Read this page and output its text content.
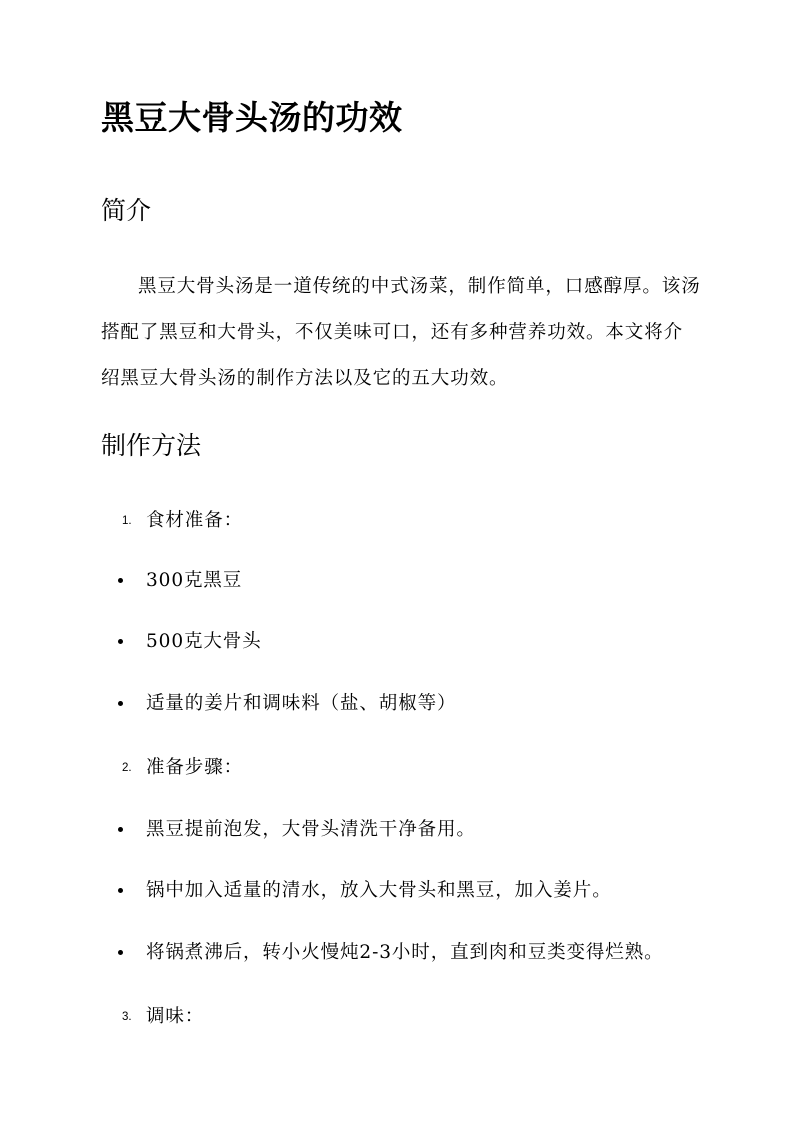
黑豆大骨头汤的功效
简介

黑豆大骨头汤是一道传统的中式汤菜，制作简单，口感醇厚。该汤搭配了黑豆和大骨头，不仅美味可口，还有多种营养功效。本文将介绍黑豆大骨头汤的制作方法以及它的五大功效。

制作方法
1. 食材准备：
300克黑豆
500克大骨头
适量的姜片和调味料（盐、胡椒等）
2. 准备步骤：
黑豆提前泡发，大骨头清洗干净备用。
锅中加入适量的清水，放入大骨头和黑豆，加入姜片。
将锅煮沸后，转小火慢炖2-3小时，直到肉和豆类变得烂熟。
3. 调味：
